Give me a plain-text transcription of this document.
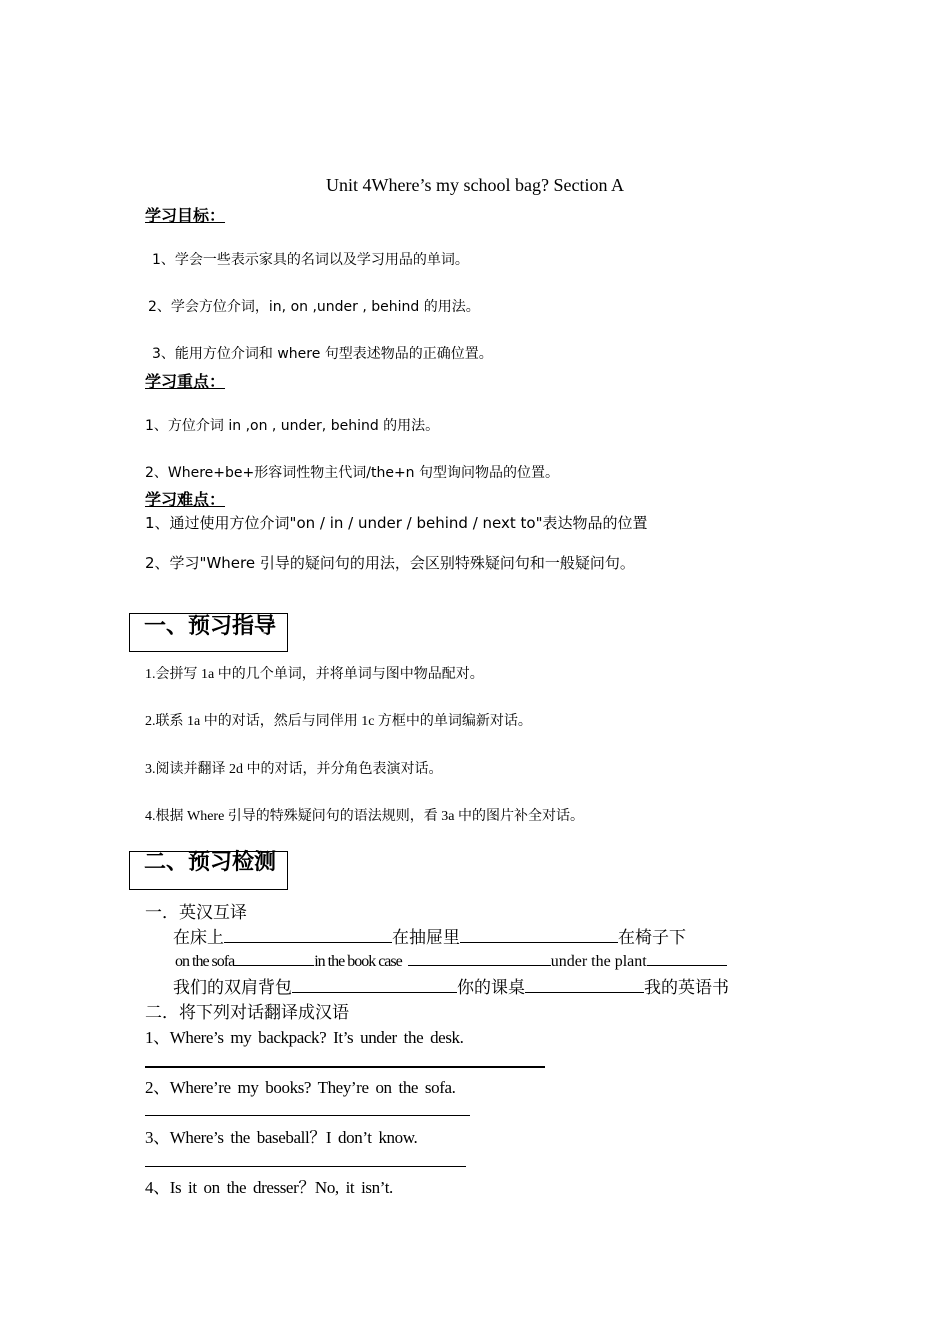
Unit 4Where’s my school bag? Section A
学习目标：
1、学会一些表示家具的名词以及学习用品的单词。
2、学会方位介词，in, on ,under , behind 的用法。
3、能用方位介词和 where 句型表述物品的正确位置。
学习重点：
1、方位介词 in ,on , under, behind 的用法。
2、Where+be+形容词性物主代词/the+n 句型询问物品的位置。
学习难点：
1、通过使用方位介词"on / in / under / behind / next to"表达物品的位置
2、学习"Where 引导的疑问句的用法，会区别特殊疑问句和一般疑问句。
一、预习指导
1.会拼写 1a 中的几个单词，并将单词与图中物品配对。
2.联系 1a 中的对话，然后与同伴用 1c 方框中的单词编新对话。
3.阅读并翻译 2d 中的对话，并分角色表演对话。
4.根据 Where 引导的特殊疑问句的语法规则，看 3a 中的图片补全对话。
二、预习检测
一．英汉互译
在床上	在抽屉里	在椅子下
on the sofa	in the book case	under the plant
我们的双肩背包	你的课桌	我的英语书
二．将下列对话翻译成汉语
1、Where’s my backpack? It’s under the desk.
2、Where’re my books? They’re on the sofa.
3、Where’s the baseball？I don’t know.
4、Is it on the dresser？No, it isn’t.
